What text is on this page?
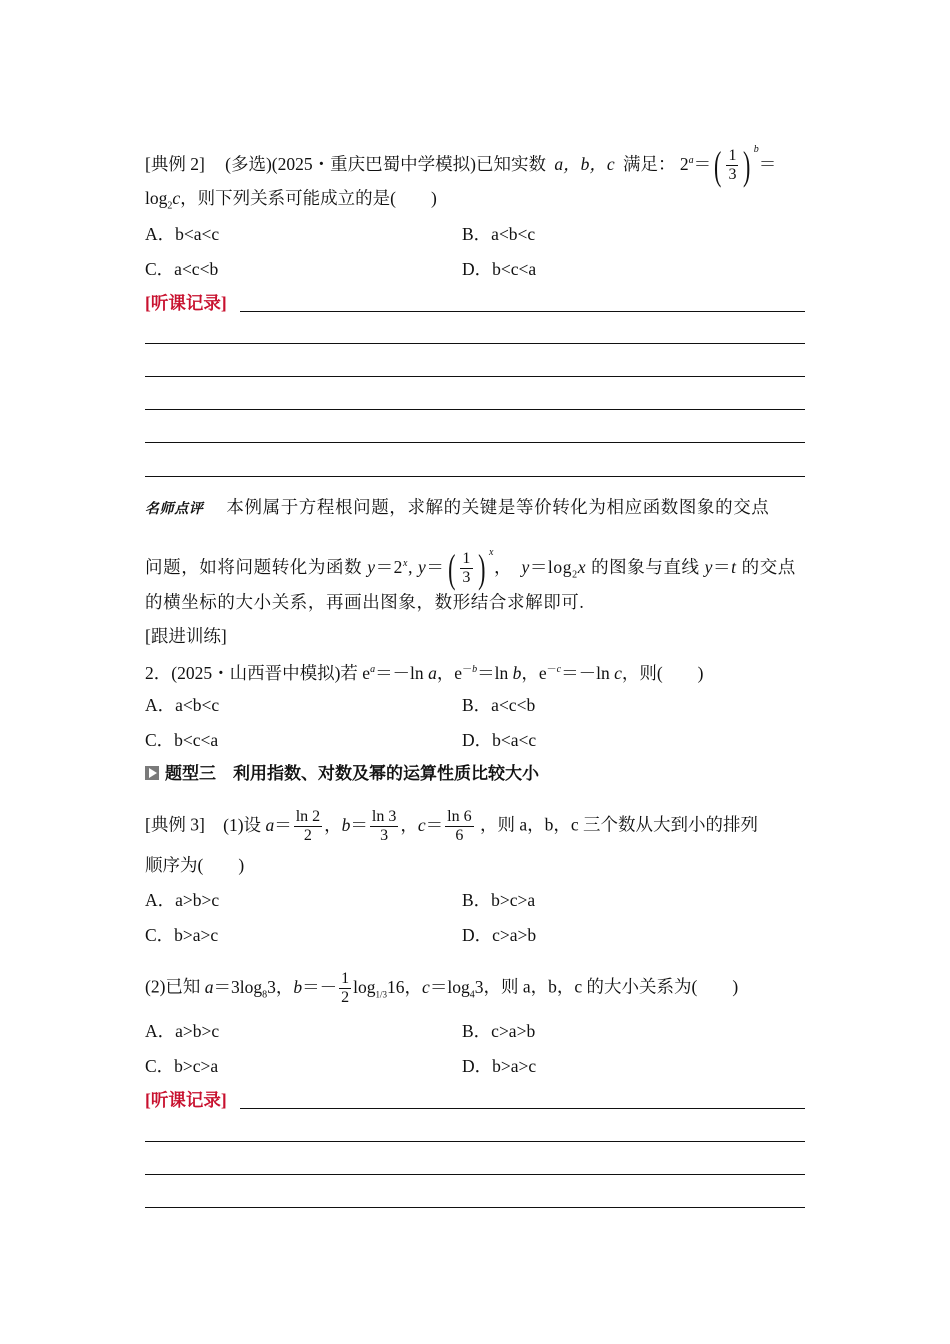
[典例 2] (多选)(2025・重庆巴蜀中学模拟)已知实数 a，b，c 满足： $2^a=( \frac{1}{3}$ ) $^b$＝
$\log_2c$，则下列关系可能成立的是(　　)
A．b<a<c	B．a<b<c
C．a<c<b	D．b<c<a
[听课记录]
名师点评 本例属于方程根问题，求解的关键是等价转化为相应函数图象的交点
问题，如将问题转化为函数 $y=2^x$, $y=( \frac{1}{3}$ ) $^x$，　$y=\log_2x$ 的图象与直线 y＝t 的交点
的横坐标的大小关系，再画出图象，数形结合求解即可.
[跟进训练]
2．(2025・山西晋中模拟)若 $e^a=-\ln$ a，$e^{-b}=\ln$ b，$e^{-c}=-\ln$ c，则(　　)
A．a<b<c	B．a<c<b
C．b<c<a	D．b<a<c
题型三　利用指数、对数及幂的运算性质比较大小
[典例 3] (1)设 $a= \frac{\ln 2}{2}$ ，$b= \frac{\ln 3}{3}$ ，$c= \frac{\ln 6}{6}$ ，则 a，b，c 三个数从大到小的排列
顺序为(　　)
A．a>b>c	B．b>c>a
C．b>a>c	D．c>a>b
(2)已知 $a=3\log_83$，$b=- \frac{1}{2} \log_{1/3}16$，$c=\log_43$，则 a，b，c 的大小关系为(　　)
A．a>b>c	B．c>a>b
C．b>c>a	D．b>a>c
[听课记录]
